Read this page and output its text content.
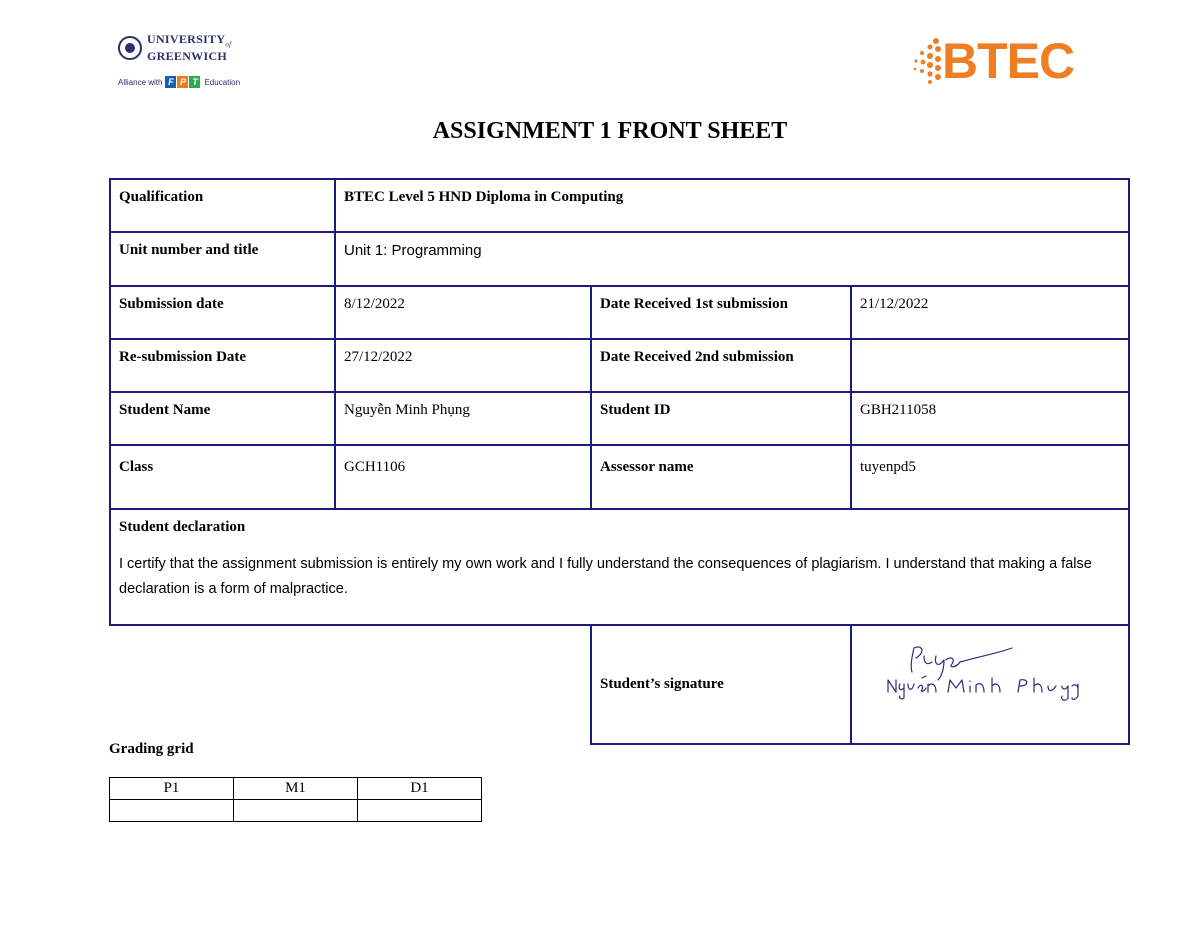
$UNIVERSITY_{of}$
GREENWICH
Alliance with F P T Education	BTEC
ASSIGNMENT 1 FRONT SHEET
Qualification	BTEC Level 5 HND Diploma in Computing		
Unit number and title	Unit 1: Programming		
Submission date	8/12/2022	Date Received 1st submission	21/12/2022
Re-submission Date	27/12/2022	Date Received 2nd submission	
Student Name	Nguyễn Minh Phụng	Student ID	GBH211058
Class	GCH1106	Assessor name	tuyenpd5

Student declaration
I certify that the assignment submission is entirely my own work and I fully understand the consequences of plagiarism. I understand that making a false declaration is a form of malpractice.			

		Student’s signature	
Grading grid
P1	M1	D1
